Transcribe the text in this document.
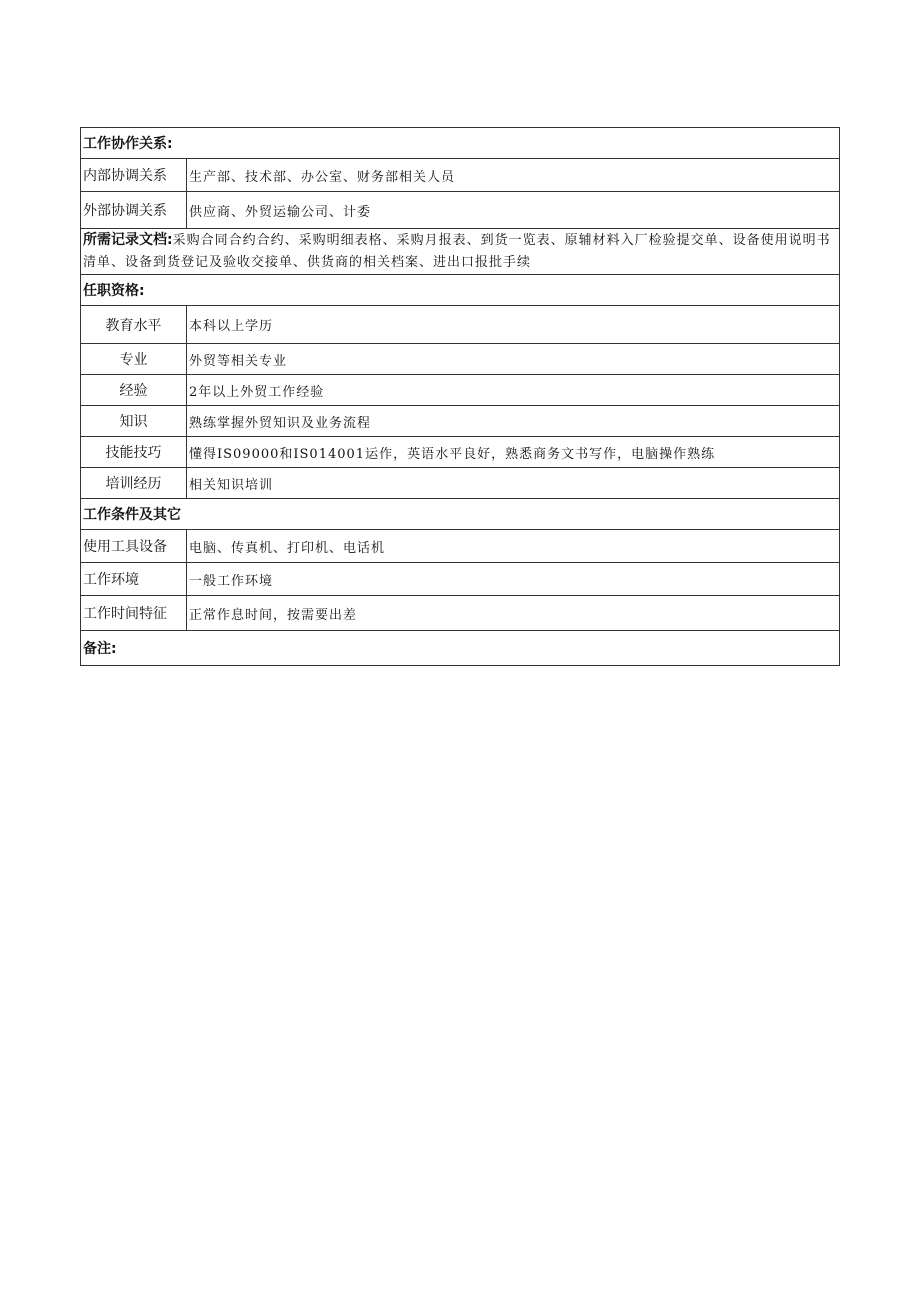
工作协作关系:	
内部协调关系	生产部、技术部、办公室、财务部相关人员
外部协调关系	供应商、外贸运输公司、计委
所需记录文档:采购合同合约合约、采购明细表格、采购月报表、到货一览表、原辅材料入厂检验提交单、设备使用说明书清单、设备到货登记及验收交接单、供货商的相关档案、进出口报批手续	
任职资格:	
教育水平	本科以上学历
专业	外贸等相关专业
经验	2年以上外贸工作经验
知识	熟练掌握外贸知识及业务流程
技能技巧	懂得IS09000和IS014001运作，英语水平良好，熟悉商务文书写作，电脑操作熟练
培训经历	相关知识培训
工作条件及其它	
使用工具设备	电脑、传真机、打印机、电话机
工作环境	一般工作环境
工作时间特征	正常作息时间，按需要出差
备注:	
